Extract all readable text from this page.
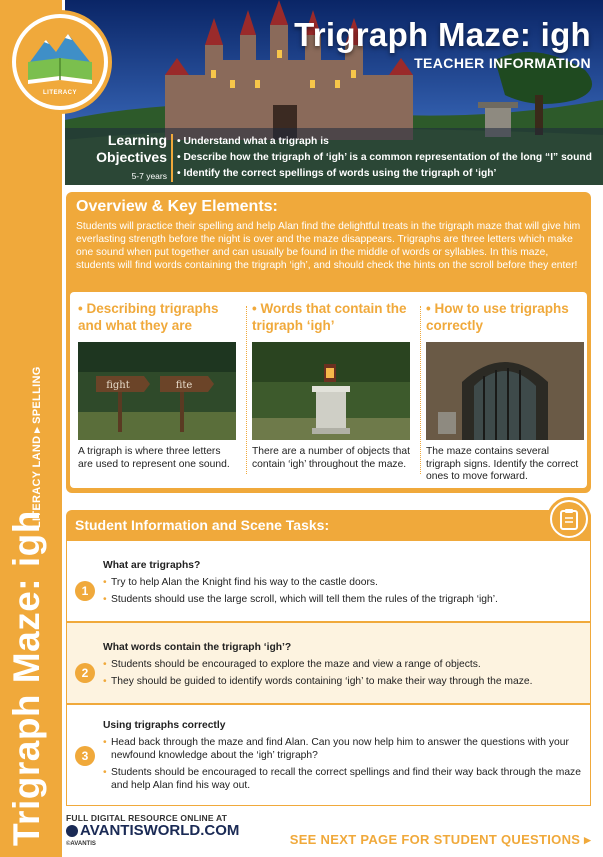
Trigraph Maze: igh
LITERACY LAND▸SPELLING
Trigraph Maze: igh
TEACHER INFORMATION
LITERACY
Learning Objectives
5-7 years
• Understand what a trigraph is
• Describe how the trigraph of ‘igh’ is a common representation of the long “I” sound
• Identify the correct spellings of words using the trigraph of ‘igh’
Overview & Key Elements:
Students will practice their spelling and help Alan find the delightful treats in the trigraph maze that will give him everlasting strength before the night is over and the maze disappears. Trigraphs are three letters which make one sound when put together and can usually be found in the middle of words or syllables. In this maze, students will find words containing the trigraph ‘igh’, and should check the hints on the scroll before they enter!
• Describing trigraphs and what they are
fight	fite

A trigraph is where three letters are used to represent one sound.

• Words that contain the trigraph ‘igh’

There are a number of objects that contain ‘igh’ throughout the maze.

• How to use trigraphs correctly

The maze contains several trigraph signs. Identify the correct ones to move forward.

Student Information and Scene Tasks:
1
What are trigraphs?
• Try to help Alan the Knight find his way to the castle doors.
• Students should use the large scroll, which will tell them the rules of the trigraph ‘igh’.
2
What words contain the trigraph ‘igh’?
• Students should be encouraged to explore the maze and view a range of objects.
• They should be guided to identify words containing ‘igh’ to make their way through the maze.
3
Using trigraphs correctly
• Head back through the maze and find Alan. Can you now help him to answer the questions with your newfound knowledge about the ‘igh’ trigraph?
• Students should be encouraged to recall the correct spellings and find their way back through the maze and help Alan find his way out.
FULL DIGITAL RESOURCE ONLINE AT
AVANTISWORLD.COM
©AVANTIS	SEE NEXT PAGE FOR STUDENT QUESTIONS ▸
